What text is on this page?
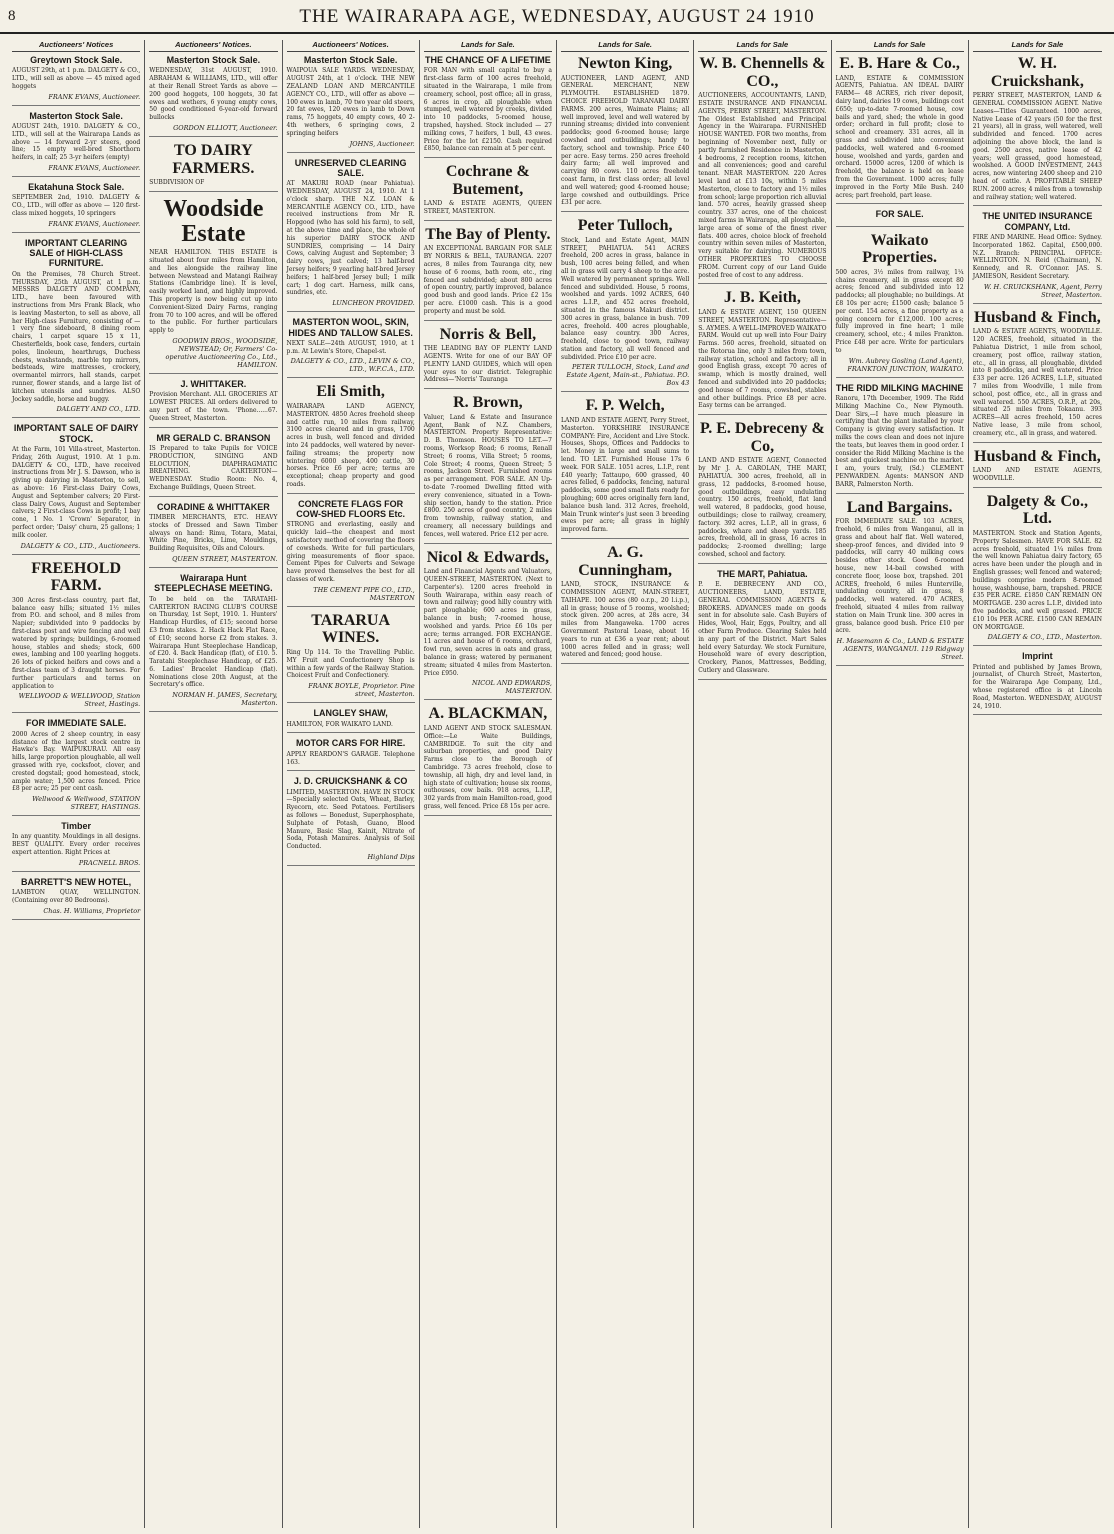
8	THE WAIRARAPA AGE, WEDNESDAY, AUGUST 24 1910
Auctioneers' Notices
Greytown Stock Sale.
AUGUST 29th, at 1 p.m. DALGETY & CO., LTD., will sell as above — 45 mixed aged hoggets
FRANK EVANS, Auctioneer.
Masterton Stock Sale.
AUGUST 24th, 1910. DALGETY & CO., LTD., will sell at the Wairarapa Lands as above — 14 forward 2-yr steers, good line; 15 empty well-bred Shorthorn heifers, in calf; 25 3-yr heifers (empty)
FRANK EVANS, Auctioneer.
Ekatahuna Stock Sale.
SEPTEMBER 2nd, 1910. DALGETY & CO., LTD., will offer as above — 120 first-class mixed hoggets, 10 springers
FRANK EVANS, Auctioneer.
IMPORTANT CLEARING SALE of HIGH-CLASS FURNITURE.
On the Premises, 78 Church Street. THURSDAY, 25th AUGUST, at 1 p.m. MESSRS DALGETY AND COMPANY, LTD., have been favoured with instructions from Mrs Frank Black, who is leaving Masterton, to sell as above, all her High-class Furniture, consisting of — 1 very fine sideboard, 8 dining room chairs, 1 carpet square 15 x 11, Chesterfields, book case, fenders, curtain poles, linoleum, hearthrugs, Duchess chests, washstands, marble top mirrors, bedsteads, wire mattresses, crockery, overmantel mirrors, hall stands, carpet runner, flower stands, and a large list of kitchen utensils and sundries. ALSO Jockey saddle, horse and buggy.
DALGETY AND CO., LTD.
IMPORTANT SALE OF DAIRY STOCK.
At the Farm, 101 Villa-street, Masterton. Friday, 26th August, 1910. At 1 p.m. DALGETY & CO., LTD., have received instructions from Mr J. S. Dawson, who is giving up dairying in Masterton, to sell, as above: 16 First-class Dairy Cows, August and September calvers; 20 First-class Dairy Cows, August and September calvers; 2 First-class Cows in profit; 1 bay cone, 1 No. 1 'Crown' Separator, in perfect order; 'Daisy' churn, 25 gallons; 1 milk cooler.
DALGETY & CO., LTD., Auctioneers.
FREEHOLD FARM.
300 Acres first-class country, part flat, balance easy hills; situated 1½ miles from P.O. and school, and 8 miles from Napier; subdivided into 9 paddocks by first-class post and wire fencing and well watered by springs; buildings, 6-roomed house, stables and sheds; stock, 600 ewes, lambing and 100 yearling hoggets. 26 lots of picked heifers and cows and a first-class team of 3 draught horses. For further particulars and terms on application to
WELLWOOD & WELLWOOD, Station Street, Hastings.
FOR IMMEDIATE SALE.
2000 Acres of 2 sheep country, in easy distance of the largest stock centre in Hawke's Bay. WAIPUKURAU. All easy hills, large proportion ploughable, all well grassed with rye, cocksfoot, clover, and crested dogstail; good homestead, stock, ample water; 1,500 acres fenced. Price £8 per acre; 25 per cent cash.
Wellwood & Wellwood, STATION STREET, HASTINGS.
Timber
In any quantity. Mouldings in all designs. BEST QUALITY. Every order receives expert attention. Right Prices at
PRACNELL BROS.
BARRETT'S NEW HOTEL,
LAMBTON QUAY, WELLINGTON. (Containing over 80 Bedrooms).
Chas. H. Williams, Proprietor
Auctioneers' Notices.
Masterton Stock Sale.
WEDNESDAY, 31st AUGUST, 1910. ABRAHAM & WILLIAMS, LTD., will offer at their Renall Street Yards as above — 200 good hoggets, 100 hoggets, 30 fat ewes and wethers, 6 young empty cows, 50 good conditioned 6-year-old forward bullocks
GORDON ELLIOTT, Auctioneer.
TO DAIRY FARMERS.
SUBDIVISION OF
Woodside Estate
NEAR HAMILTON. THIS ESTATE is situated about four miles from Hamilton, and lies alongside the railway line between Newstead and Matangi Railway Stations (Cambridge line). It is level, easily worked land, and highly improved. This property is now being cut up into Convenient-Sized Dairy Farms, ranging from 70 to 100 acres, and will be offered to the public. For further particulars apply to
GOODWIN BROS., WOODSIDE, NEWSTEAD; Or, Farmers' Co-operative Auctioneering Co., Ltd., HAMILTON.
J. WHITTAKER.
Provision Merchant. ALL GROCERIES AT LOWEST PRICES. All orders delivered to any part of the town. 'Phone......67. Queen Street, Masterton.
MR GERALD C. BRANSON
IS Prepared to take Pupils for VOICE PRODUCTION, SINGING AND ELOCUTION, DIAPHRAGMATIC BREATHING. CARTERTON—WEDNESDAY. Studio Room: No. 4, Exchange Buildings, Queen Street.
CORADINE & WHITTAKER
TIMBER MERCHANTS, ETC. HEAVY stocks of Dressed and Sawn Timber always on hand: Rimu, Totara, Matai, White Pine, Bricks, Lime, Mouldings, Building Requisites, Oils and Colours.
QUEEN STREET, MASTERTON.
Wairarapa Hunt STEEPLECHASE MEETING.
To be held on the TARATAHI-CARTERTON RACING CLUB'S COURSE on Thursday, 1st Sept, 1910. 1. Hunters' Handicap Hurdles, of £15; second horse £3 from stakes. 2. Hack Hack Flat Race, of £10; second horse £2 from stakes. 3. Wairarapa Hunt Steeplechase Handicap, of £20. 4. Back Handicap (flat), of £10. 5. Taratahi Steeplechase Handicap, of £25. 6. Ladies' Bracelet Handicap (flat). Nominations close 20th August, at the Secretary's office.
NORMAN H. JAMES, Secretary, Masterton.
Auctioneers' Notices.
Masterton Stock Sale.
WAIPOUA SALE YARDS. WEDNESDAY, AUGUST 24th, at 1 o'clock. THE NEW ZEALAND LOAN AND MERCANTILE AGENCY CO., LTD., will offer as above — 100 ewes in lamb, 70 two year old steers, 20 fat ewes, 120 ewes in lamb to Down rams, 75 hoggets, 40 empty cows, 40 2-4th wethers, 6 springing cows, 2 springing heifers
JOHNS, Auctioneer.
UNRESERVED CLEARING SALE.
AT MAKURI ROAD (near Pahiatua). WEDNESDAY, AUGUST 24, 1910. At 1 o'clock sharp. THE N.Z. LOAN & MERCANTILE AGENCY CO., LTD., have received instructions from Mr R. Hopgood (who has sold his farm), to sell, at the above time and place, the whole of his superior DAIRY STOCK AND SUNDRIES, comprising — 14 Dairy Cows, calving August and September; 3 dairy cows, just calved; 13 half-bred Jersey heifers; 9 yearling half-bred Jersey heifers; 1 half-bred Jersey bull; 1 milk cart; 1 dog cart. Harness, milk cans, sundries, etc.
LUNCHEON PROVIDED.
MASTERTON WOOL, SKIN, HIDES AND TALLOW SALES.
NEXT SALE—24th AUGUST, 1910, at 1 p.m. At Lewin's Store, Chapel-st.
DALGETY & CO., LTD., LEVIN & CO., LTD., W.F.C.A., LTD.
Eli Smith,
WAIRARAPA LAND AGENCY, MASTERTON. 4850 Acres freehold sheep and cattle run, 10 miles from railway, 3100 acres cleared and in grass, 1700 acres in bush, well fenced and divided into 24 paddocks, well watered by never-failing streams; the property now wintering 6000 sheep, 400 cattle, 30 horses. Price £6 per acre; terms are exceptional; cheap property and good roads.
CONCRETE FLAGS FOR COW-SHED FLOORS Etc.
STRONG and everlasting, easily and quickly laid—the cheapest and most satisfactory method of covering the floors of cowsheds. Write for full particulars, giving measurements of floor space. Cement Pipes for Culverts and Sewage have proved themselves the best for all classes of work.
THE CEMENT PIPE CO., LTD., MASTERTON
TARARUA WINES.
Ring Up 114. To the Travelling Public. MY Fruit and Confectionery Shop is within a few yards of the Railway Station. Choicest Fruit and Confectionery.
FRANK BOYLE, Proprietor. Pine street, Masterton.
LANGLEY SHAW,
HAMILTON, FOR WAIKATO LAND.
MOTOR CARS FOR HIRE.
APPLY REARDON'S GARAGE. Telephone 163.
J. D. CRUICKSHANK & CO
LIMITED, MASTERTON. HAVE IN STOCK—Specially selected Oats, Wheat, Barley, Ryecorn, etc. Seed Potatoes. Fertilisers as follows — Bonedust, Superphosphate, Sulphate of Potash, Guano, Blood Manure, Basic Slag, Kainit, Nitrate of Soda, Potash Manures. Analysis of Soil Conducted.
Highland Dips
Lands for Sale.
THE CHANCE OF A LIFETIME
FOR MAN with small capital to buy a first-class farm of 100 acres freehold, situated in the Wairarapa, 1 mile from creamery, school, post office; all in grass, 6 acres in crop, all ploughable when stumped, well watered by creeks, divided into 10 paddocks, 5-roomed house, trapshed, hayshed. Stock included — 27 milking cows, 7 heifers, 1 bull, 43 ewes. Price for the lot £2150. Cash required £850, balance can remain at 5 per cent.
Cochrane & Butement,
LAND & ESTATE AGENTS, QUEEN STREET, MASTERTON.
The Bay of Plenty.
AN EXCEPTIONAL BARGAIN FOR SALE BY NORRIS & BELL, TAURANGA. 2207 acres, 8 miles from Tauranga city, new house of 6 rooms, bath room, etc., ring fenced and subdivided; about 800 acres of open country, partly improved, balance good bush and good lands. Price £2 15s per acre. £1000 cash. This is a good property and must be sold.
Norris & Bell,
THE LEADING BAY OF PLENTY LAND AGENTS. Write for one of our BAY OF PLENTY LAND GUIDES, which will open your eyes to our district. Telegraphic Address—'Norris' Tauranga
R. Brown,
Valuer, Land & Estate and Insurance Agent, Bank of N.Z. Chambers, MASTERTON. Property Representative: D. B. Thomson. HOUSES TO LET.—7 rooms, Worksop Road; 6 rooms, Renall Street; 6 rooms, Villa Street; 5 rooms, Cole Street; 4 rooms, Queen Street; 5 rooms, Jackson Street. Furnished rooms as per arrangement. FOR SALE. AN Up-to-date 7-roomed Dwelling fitted with every convenience, situated in a Town-ship section, handy to the station. Price £800. 250 acres of good country, 2 miles from township, railway station, and creamery, all necessary buildings and fences, well watered. Price £12 per acre.
Nicol & Edwards,
Land and Financial Agents and Valuators, QUEEN-STREET, MASTERTON. (Next to Carpenter's). 1200 acres freehold in South Wairarapa, within easy reach of town and railway; good hilly country with part ploughable; 600 acres in grass, balance in bush; 7-roomed house, woolshed and yards. Price £6 10s per acre; terms arranged. FOR EXCHANGE. 11 acres and house of 6 rooms, orchard, fowl run, seven acres in oats and grass, balance in grass; watered by permanent stream; situated 4 miles from Masterton. Price £950.
NICOL AND EDWARDS, MASTERTON.
A. BLACKMAN,
LAND AGENT AND STOCK SALESMAN. Office:—Le Waite Buildings, CAMBRIDGE. To suit the city and suburban properties, and good Dairy Farms close to the Borough of Cambridge. 73 acres freehold, close to township, all high, dry and level land, in high state of cultivation; house six rooms, outhouses, cow bails. 918 acres, L.I.P., 302 yards from main Hamilton-road, good grass, well fenced. Price £8 15s per acre.
Lands for Sale.
Newton King,
AUCTIONEER, LAND AGENT, AND GENERAL MERCHANT, NEW PLYMOUTH. ESTABLISHED 1879. CHOICE FREEHOLD TARANAKI DAIRY FARMS. 200 acres, Waimate Plains; all well improved, level and well watered by running streams; divided into convenient paddocks; good 6-roomed house; large cowshed and outbuildings; handy to factory, school and township. Price £40 per acre. Easy terms. 250 acres freehold dairy farm; all well improved and carrying 80 cows. 110 acres freehold coast farm, in first class order; all level and well watered; good 4-roomed house; large cowshed and outbuildings. Price £31 per acre.
Peter Tulloch,
Stock, Land and Estate Agent, MAIN STREET, PAHIATUA. 541 ACRES freehold, 200 acres in grass, balance in bush, 100 acres being felled, and when all in grass will carry 4 sheep to the acre. Well watered by permanent springs. Well fenced and subdivided. House, 5 rooms, woolshed and yards. 1092 ACRES, 640 acres L.I.P., and 452 acres freehold, situated in the famous Makuri district. 300 acres in grass, balance in bush. 709 acres, freehold. 400 acres ploughable, balance easy country. 300 Acres, freehold, close to good town, railway station and factory, all well fenced and subdivided. Price £10 per acre.
PETER TULLOCH, Stock, Land and Estate Agent, Main-st., Pahiatua. P.O. Box 43
F. P. Welch,
LAND AND ESTATE AGENT, Perry Street, Masterton. YORKSHIRE INSURANCE COMPANY: Fire, Accident and Live Stock. Houses, Shops, Offices and Paddocks to let. Money in large and small sums to lend. TO LET. Furnished House 17s 6 week. FOR SALE. 1051 acres, L.I.P., rent £40 yearly; Tattaupo, 600 grassed, 40 acres felled, 6 paddocks, fencing, natural paddocks, some good small flats ready for ploughing; 600 acres originally fern land, balance bush land. 312 Acres, freehold, Main Trunk winter's just seen 3 breeding ewes per acre; all grass in highly improved farm.
A. G. Cunningham,
LAND, STOCK, INSURANCE & COMMISSION AGENT, MAIN-STREET, TAIHAPE. 100 acres (80 o.r.p., 20 l.i.p.), all in grass; house of 5 rooms, woolshed; stock given. 200 acres, at 28s acre, 34 miles from Mangaweka. 1700 acres Government Pastoral Lease, about 16 years to run at £36 a year rent; about 1000 acres felled and in grass; well watered and fenced; good house.
Lands for Sale
W. B. Chennells & CO.,
AUCTIONEERS, ACCOUNTANTS, LAND, ESTATE INSURANCE AND FINANCIAL AGENTS, PERRY STREET, MASTERTON. The Oldest Established and Principal Agency in the Wairarapa. FURNISHED HOUSE WANTED. FOR two months, from beginning of November next, fully or partly furnished Residence in Masterton, 4 bedrooms, 2 reception rooms, kitchen and all conveniences; good and careful tenant. NEAR MASTERTON. 220 Acres level land at £13 10s, within 5 miles Masterton, close to factory and 1½ miles from school; large proportion rich alluvial land. 570 acres, heavily grassed sheep country. 337 acres, one of the choicest mixed farms in Wairarapa, all ploughable, large area of some of the finest river flats. 400 acres, choice block of freehold country within seven miles of Masterton, very suitable for dairying. NUMEROUS OTHER PROPERTIES TO CHOOSE FROM. Current copy of our Land Guide posted free of cost to any address.
J. B. Keith,
LAND & ESTATE AGENT, 150 QUEEN STREET, MASTERTON. Representative—S. AYMES. A WELL-IMPROVED WAIKATO FARM. Would cut up well into Four Dairy Farms. 560 acres, freehold, situated on the Rotorua line, only 3 miles from town, railway station, school and factory; all in good English grass, except 70 acres of swamp, which is mostly drained, well fenced and subdivided into 20 paddocks; good house of 7 rooms, cowshed, stables and other buildings. Price £8 per acre. Easy terms can be arranged.
P. E. Debreceny & Co,
LAND AND ESTATE AGENT, Connected by Mr J. A. CAROLAN, THE MART, PAHIATUA. 300 acres, freehold, all in grass, 12 paddocks, 8-roomed house, good outbuildings, easy undulating country. 150 acres, freehold, flat land well watered, 8 paddocks, good house, outbuildings; close to railway, creamery, factory. 392 acres, L.I.P., all in grass, 6 paddocks, whare and sheep yards. 185 acres, freehold, all in grass, 16 acres in paddocks; 2-roomed dwelling; large cowshed, school and factory.
THE MART, Pahiatua.
P. E. DEBRECENY AND CO., AUCTIONEERS, LAND, ESTATE, GENERAL COMMISSION AGENTS & BROKERS. ADVANCES made on goods sent in for absolute sale. Cash Buyers of Hides, Wool, Hair, Eggs, Poultry, and all other Farm Produce. Clearing Sales held in any part of the District. Mart Sales held every Saturday. We stock Furniture, Household ware of every description, Crockery, Pianos, Mattresses, Bedding, Cutlery and Glassware.
Lands for Sale
E. B. Hare & Co.,
LAND, ESTATE & COMMISSION AGENTS, Pahiatua. AN IDEAL DAIRY FARM— 48 ACRES, rich river deposit, dairy land, dairies 19 cows, buildings cost £650; up-to-date 7-roomed house, cow bails and yard, shed; the whole in good order; orchard in full profit; close to school and creamery. 331 acres, all in grass and subdivided into convenient paddocks, well watered and 6-roomed house, woolshed and yards, garden and orchard. 15000 acres, 1200 of which is freehold, the balance is held on lease from the Government. 1000 acres; fully improved in the Forty Mile Bush. 240 acres; part freehold, part lease.
FOR SALE.
Waikato Properties.
500 acres, 3½ miles from railway, 1¼ chains creamery, all in grass except 80 acres; fenced and subdivided into 12 paddocks; all ploughable; no buildings. At £8 10s per acre; £1500 cash; balance 5 per cent. 154 acres, a fine property as a going concern for £12,000. 100 acres; fully improved in fine heart; 1 mile creamery, school, etc.; 4 miles Frankton. Price £48 per acre. Write for particulars to
Wm. Aubrey Gosling (Land Agent), FRANKTON JUNCTION, WAIKATO.
THE RIDD MILKING MACHINE
Ranoru, 17th December, 1909. The Ridd Milking Machine Co., New Plymouth. Dear Sirs,—I have much pleasure in certifying that the plant installed by your Company is giving every satisfaction. It milks the cows clean and does not injure the teats, but leaves them in good order. I consider the Ridd Milking Machine is the best and quickest machine on the market. I am, yours truly, (Sd.) CLEMENT PENWARDEN. Agents: MANSON AND BARR, Palmerston North.
Land Bargains.
FOR IMMEDIATE SALE. 103 ACRES, freehold, 6 miles from Wanganui, all in grass and about half flat. Well watered, sheep-proof fences, and divided into 9 paddocks, will carry 40 milking cows besides other stock. Good 6-roomed house, new 14-bail cowshed with concrete floor, loose box, trapshed. 201 ACRES, freehold, 6 miles Hunterville, undulating country, all in grass, 8 paddocks, well watered. 470 ACRES, freehold, situated 4 miles from railway station on Main Trunk line. 300 acres in grass, balance good bush. Price £10 per acre.
H. Masemann & Co., LAND & ESTATE AGENTS, WANGANUI. 119 Ridgway Street.
Lands for Sale
W. H. Cruickshank,
PERRY STREET, MASTERTON, LAND & GENERAL COMMISSION AGENT. Native Leases—Titles Guaranteed. 1000 acres, Native Lease of 42 years (50 for the first 21 years), all in grass, well watered, well subdivided and fenced. 1700 acres adjoining the above block, the land is good. 2500 acres, native lease of 42 years; well grassed, good homestead, woolshed. A GOOD INVESTMENT, 2443 acres, now wintering 2400 sheep and 210 head of cattle. A PROFITABLE SHEEP RUN. 2000 acres; 4 miles from a township and railway station; well watered.
THE UNITED INSURANCE COMPANY, Ltd.
FIRE AND MARINE. Head Office: Sydney. Incorporated 1862. Capital, £500,000. N.Z. Branch: PRINCIPAL OFFICE: WELLINGTON. N. Reid (Chairman), N. Kennedy, and R. O'Connor. JAS. S. JAMIESON, Resident Secretary.
W. H. CRUICKSHANK, Agent, Perry Street, Masterton.
Husband & Finch,
LAND & ESTATE AGENTS, WOODVILLE. 120 ACRES, freehold, situated in the Pahiatua District, 1 mile from school, creamery, post office, railway station, etc., all in grass, all ploughable, divided into 8 paddocks, and well watered. Price £33 per acre. 126 ACRES, L.I.P., situated 7 miles from Woodville, 1 mile from school, post office, etc., all in grass and well watered. 550 ACRES, O.R.P., at 20s, situated 25 miles from Tokaanu. 393 ACRES—All acres freehold, 150 acres Native lease, 3 mile from school, creamery, etc., all in grass, and watered.
Husband & Finch,
LAND AND ESTATE AGENTS, WOODVILLE.
Dalgety & Co., Ltd.
MASTERTON. Stock and Station Agents, Property Salesmen. HAVE FOR SALE. 82 acres freehold, situated 1¼ miles from the well known Pahiatua dairy factory, 65 acres have been under the plough and in English grasses; well fenced and watered; buildings comprise modern 8-roomed house, washhouse, barn, trapshed. PRICE £35 PER ACRE. £1850 CAN REMAIN ON MORTGAGE. 230 acres L.I.P., divided into five paddocks, and well grassed. PRICE £10 10s PER ACRE. £1500 CAN REMAIN ON MORTGAGE.
DALGETY & CO., LTD., Masterton.
Imprint
Printed and published by James Brown, journalist, of Church Street, Masterton, for the Wairarapa Age Company, Ltd., whose registered office is at Lincoln Road, Masterton. WEDNESDAY, AUGUST 24, 1910.
